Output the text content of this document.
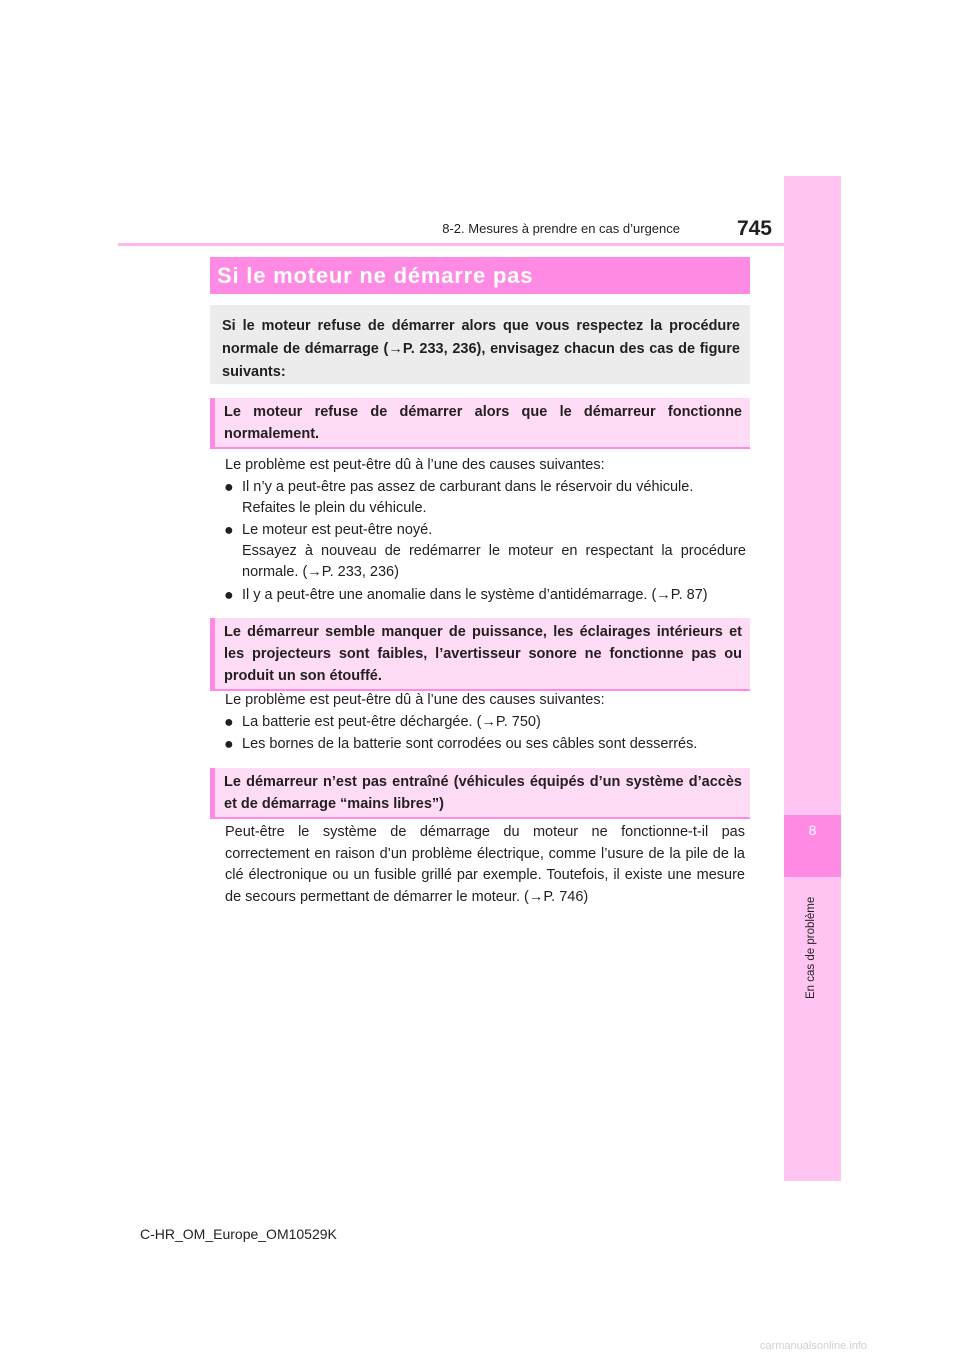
8
En cas de problème
8-2. Mesures à prendre en cas d’urgence	745
Si le moteur ne démarre pas
Si le moteur refuse de démarrer alors que vous respectez la procédure normale de démarrage (→P. 233, 236), envisagez chacun des cas de figure suivants:
Le moteur refuse de démarrer alors que le démarreur fonctionne normalement.
Le problème est peut-être dû à l’une des causes suivantes:
● Il n’y a peut-être pas assez de carburant dans le réservoir du véhicule.
Refaites le plein du véhicule.
● Le moteur est peut-être noyé.
Essayez à nouveau de redémarrer le moteur en respectant la procédure normale. (→P. 233, 236)
● Il y a peut-être une anomalie dans le système d’antidémarrage. (→P. 87)
Le démarreur semble manquer de puissance, les éclairages intérieurs et les projecteurs sont faibles, l’avertisseur sonore ne fonctionne pas ou produit un son étouffé.
Le problème est peut-être dû à l’une des causes suivantes:
● La batterie est peut-être déchargée. (→P. 750)
● Les bornes de la batterie sont corrodées ou ses câbles sont desserrés.
Le démarreur n’est pas entraîné (véhicules équipés d’un système d’accès et de démarrage “mains libres”)
Peut-être le système de démarrage du moteur ne fonctionne-t-il pas correctement en raison d’un problème électrique, comme l’usure de la pile de la clé électronique ou un fusible grillé par exemple. Toutefois, il existe une mesure de secours permettant de démarrer le moteur. (→P. 746)
C-HR_OM_Europe_OM10529K
carmanualsonline.info
